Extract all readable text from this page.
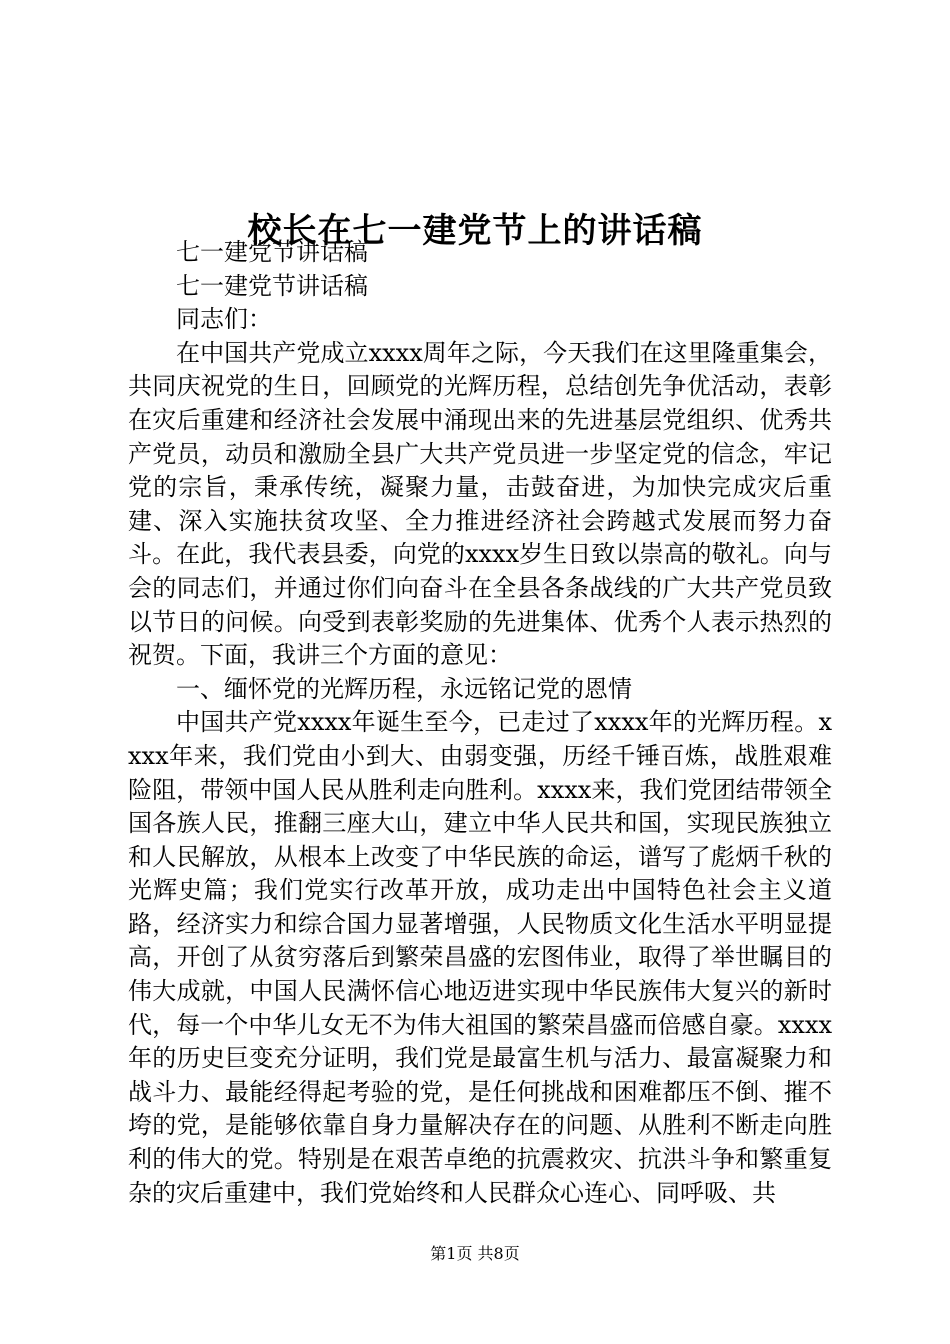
校长在七一建党节上的讲话稿

七一建党节讲话稿

七一建党节讲话稿

同志们：

在中国共产党成立xxxx周年之际，今天我们在这里隆重集会，共同庆祝党的生日，回顾党的光辉历程，总结创先争优活动，表彰在灾后重建和经济社会发展中涌现出来的先进基层党组织、优秀共产党员，动员和激励全县广大共产党员进一步坚定党的信念，牢记党的宗旨，秉承传统，凝聚力量，击鼓奋进，为加快完成灾后重建、深入实施扶贫攻坚、全力推进经济社会跨越式发展而努力奋斗。在此，我代表县委，向党的xxxx岁生日致以崇高的敬礼。向与会的同志们，并通过你们向奋斗在全县各条战线的广大共产党员致以节日的问候。向受到表彰奖励的先进集体、优秀个人表示热烈的祝贺。下面，我讲三个方面的意见：

一、缅怀党的光辉历程，永远铭记党的恩情

中国共产党xxxx年诞生至今，已走过了xxxx年的光辉历程。xxxx年来，我们党由小到大、由弱变强，历经千锤百炼，战胜艰难险阻，带领中国人民从胜利走向胜利。xxxx来，我们党团结带领全国各族人民，推翻三座大山，建立中华人民共和国，实现民族独立和人民解放，从根本上改变了中华民族的命运，谱写了彪炳千秋的光辉史篇；我们党实行改革开放，成功走出中国特色社会主义道路，经济实力和综合国力显著增强，人民物质文化生活水平明显提高，开创了从贫穷落后到繁荣昌盛的宏图伟业，取得了举世瞩目的伟大成就，中国人民满怀信心地迈进实现中华民族伟大复兴的新时代，每一个中华儿女无不为伟大祖国的繁荣昌盛而倍感自豪。xxxx年的历史巨变充分证明，我们党是最富生机与活力、最富凝聚力和战斗力、最能经得起考验的党，是任何挑战和困难都压不倒、摧不垮的党，是能够依靠自身力量解决存在的问题、从胜利不断走向胜利的伟大的党。特别是在艰苦卓绝的抗震救灾、抗洪斗争和繁重复杂的灾后重建中，我们党始终和人民群众心连心、同呼吸、共

第1页 共8页
